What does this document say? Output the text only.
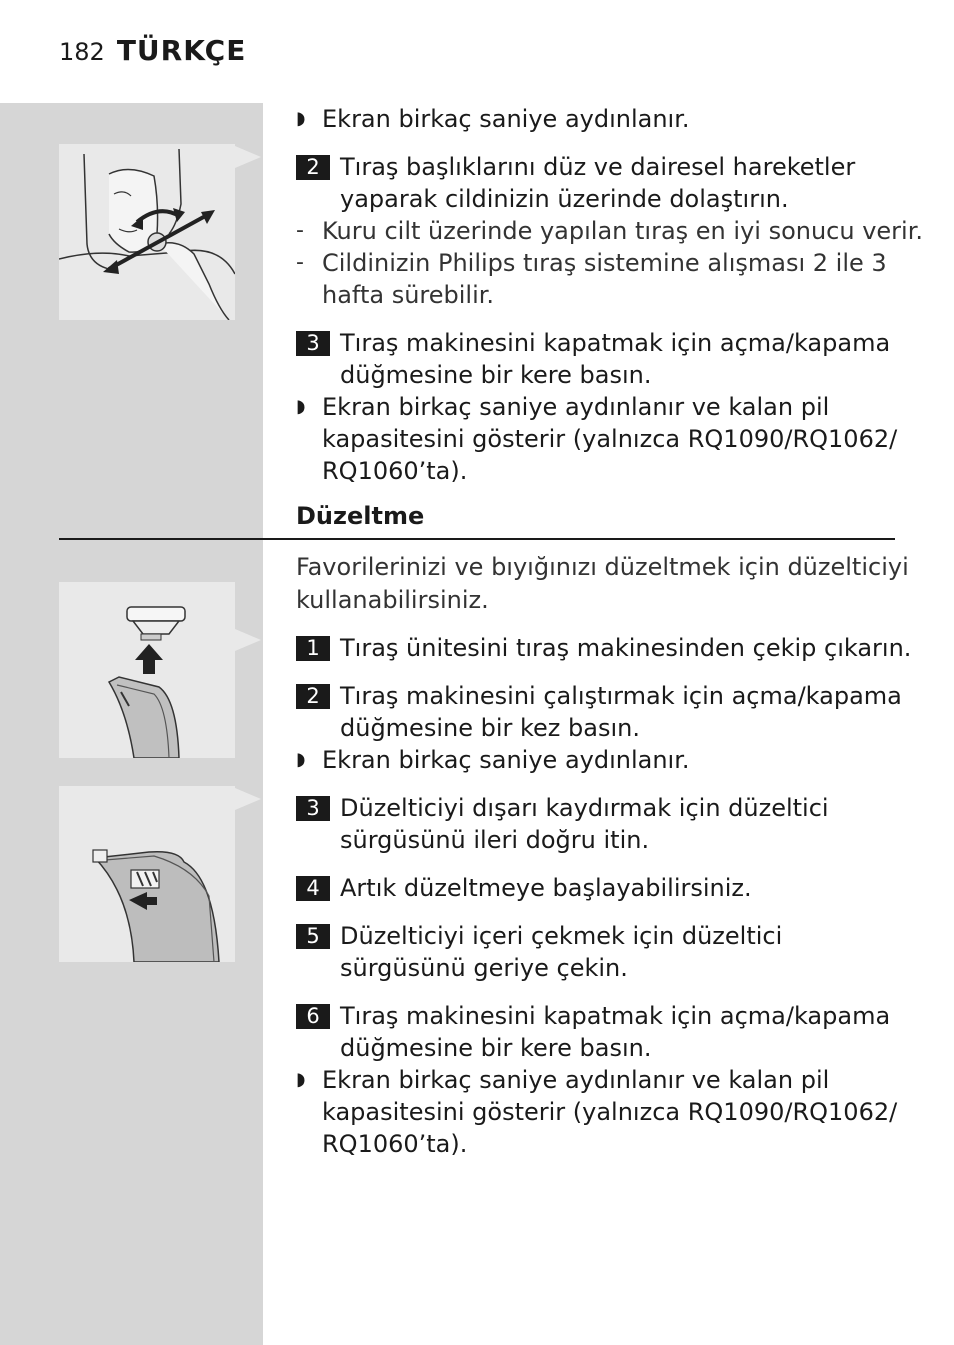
182 TÜRKÇE
◗ Ekran birkaç saniye aydınlanır.
2 Tıraş başlıklarını düz ve dairesel hareketler
yaparak cildinizin üzerinde dolaştırın.
- Kuru cilt üzerinde yapılan tıraş en iyi sonucu verir.
- Cildinizin Philips tıraş sistemine alışması 2 ile 3
hafta sürebilir.
3 Tıraş makinesini kapatmak için açma/kapama
düğmesine bir kere basın.
◗ Ekran birkaç saniye aydınlanır ve kalan pil
kapasitesini gösterir (yalnızca RQ1090/RQ1062/
RQ1060’ta).
Düzeltme
Favorilerinizi ve bıyığınızı düzeltmek için düzelticiyi
kullanabilirsiniz.
1 Tıraş ünitesini tıraş makinesinden çekip çıkarın.
2 Tıraş makinesini çalıştırmak için açma/kapama
düğmesine bir kez basın.
◗ Ekran birkaç saniye aydınlanır.
3 Düzelticiyi dışarı kaydırmak için düzeltici
sürgüsünü ileri doğru itin.
4 Artık düzeltmeye başlayabilirsiniz.
5 Düzelticiyi içeri çekmek için düzeltici
sürgüsünü geriye çekin.
6 Tıraş makinesini kapatmak için açma/kapama
düğmesine bir kere basın.
◗ Ekran birkaç saniye aydınlanır ve kalan pil
kapasitesini gösterir (yalnızca RQ1090/RQ1062/
RQ1060’ta).
